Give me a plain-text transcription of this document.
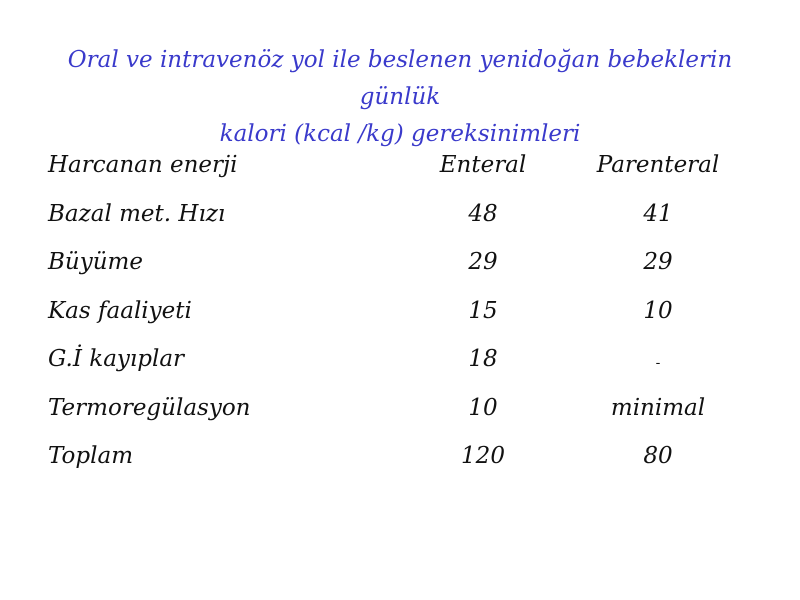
Oral ve intravenöz yol ile beslenen yenidoğan bebeklerin günlük
kalori (kcal /kg) gereksinimleri
Harcanan enerji	Enteral	Parenteral
Bazal met. Hızı	48	41
Büyüme	29	29
Kas faaliyeti	15	10
G.İ kayıplar	18	-
Termoregülasyon	10	minimal
Toplam	120	80
